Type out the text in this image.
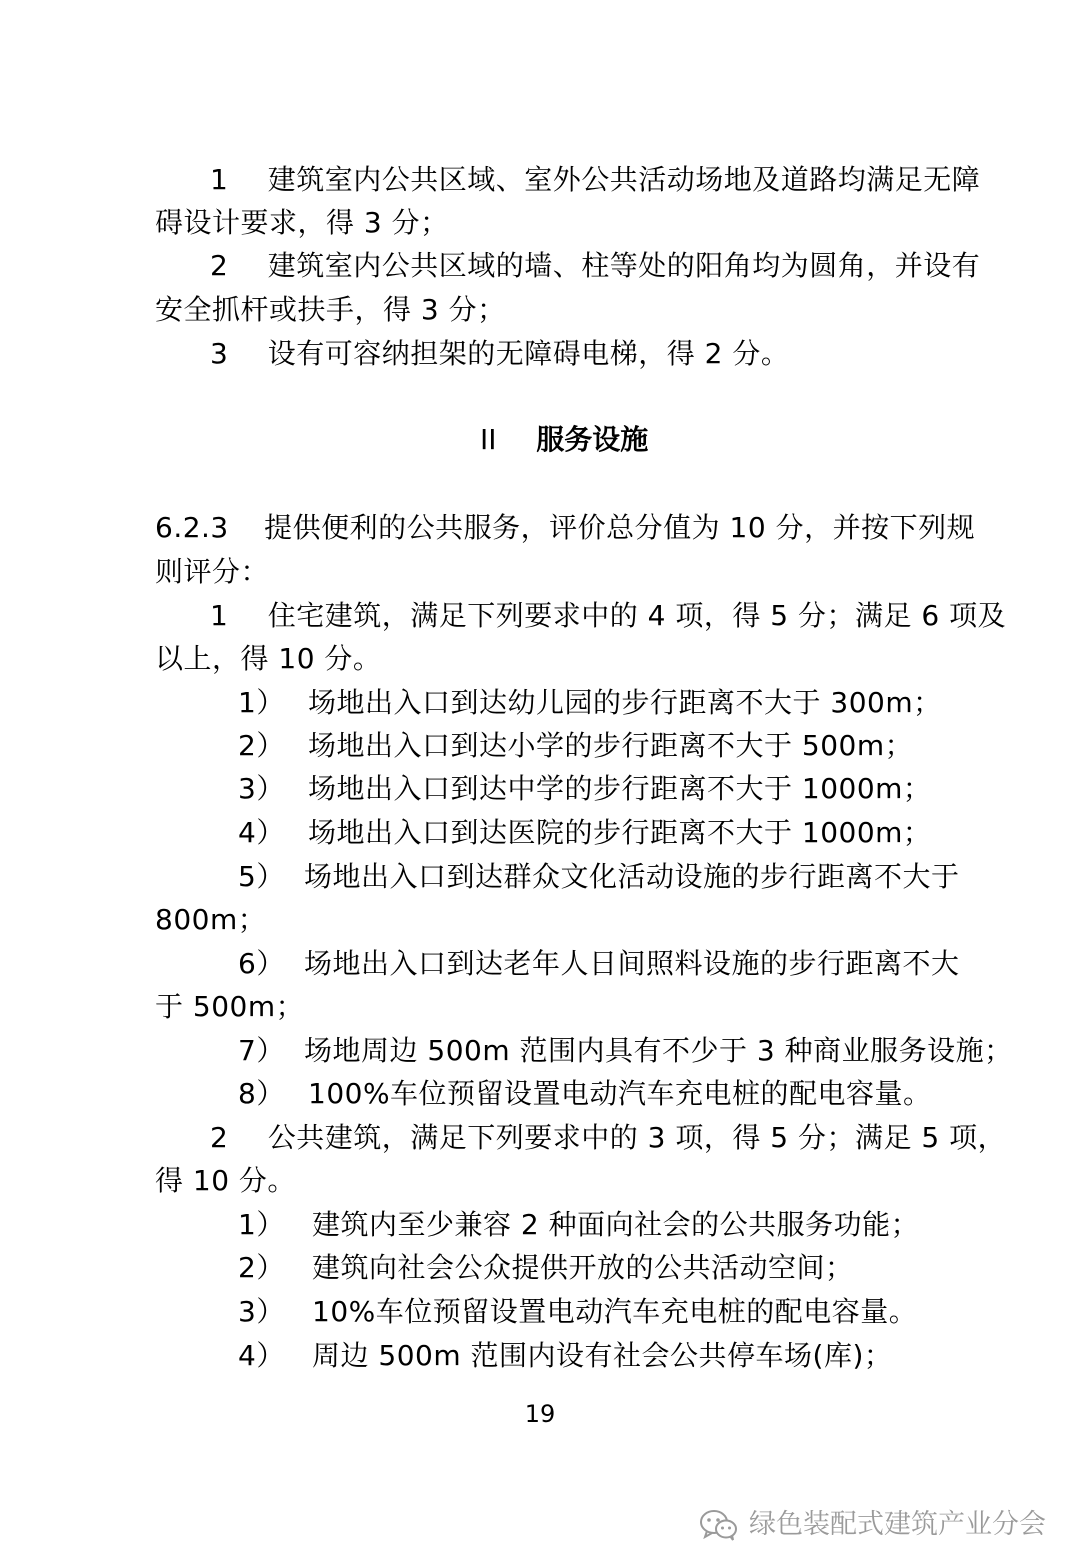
1 建筑室内公共区域、室外公共活动场地及道路均满足无障
碍设计要求，得 3 分；
2 建筑室内公共区域的墙、柱等处的阳角均为圆角，并设有
安全抓杆或扶手，得 3 分；
3 设有可容纳担架的无障碍电梯，得 2 分。
II 服务设施
6.2.3 提供便利的公共服务，评价总分值为 10 分，并按下列规
则评分：
1 住宅建筑，满足下列要求中的 4 项，得 5 分；满足 6 项及
以上，得 10 分。
1） 场地出入口到达幼儿园的步行距离不大于 300m；
2） 场地出入口到达小学的步行距离不大于 500m；
3） 场地出入口到达中学的步行距离不大于 1000m；
4） 场地出入口到达医院的步行距离不大于 1000m；
5） 场地出入口到达群众文化活动设施的步行距离不大于
800m；
6） 场地出入口到达老年人日间照料设施的步行距离不大
于 500m；
7） 场地周边 500m 范围内具有不少于 3 种商业服务设施；
8） 100%车位预留设置电动汽车充电桩的配电容量。
2 公共建筑，满足下列要求中的 3 项，得 5 分；满足 5 项，
得 10 分。
1） 建筑内至少兼容 2 种面向社会的公共服务功能；
2） 建筑向社会公众提供开放的公共活动空间；
3） 10%车位预留设置电动汽车充电桩的配电容量。
4） 周边 500m 范围内设有社会公共停车场(库)；
19
绿色装配式建筑产业分会
